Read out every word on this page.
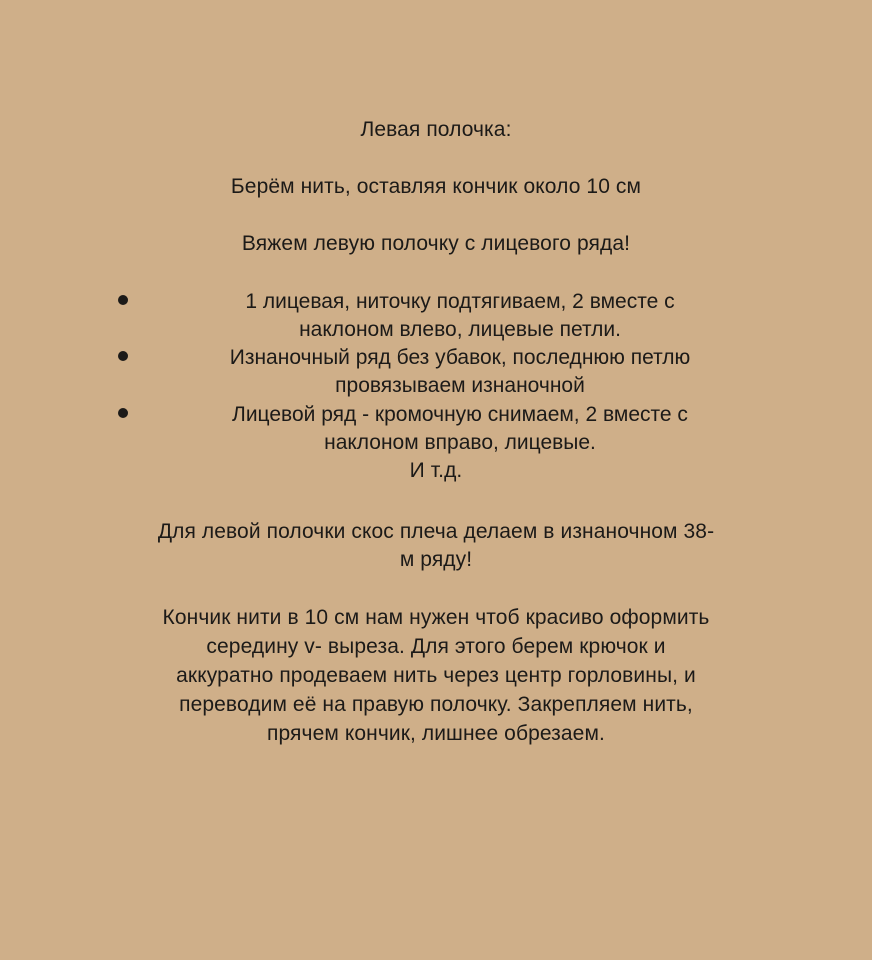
Левая полочка:
Берём нить, оставляя кончик около 10 см
Вяжем левую полочку с лицевого ряда!
1 лицевая, ниточку подтягиваем, 2 вместе с
наклоном влево, лицевые петли.
Изнаночный ряд без убавок, последнюю петлю
провязываем изнаночной
Лицевой ряд - кромочную снимаем, 2 вместе с
наклоном вправо, лицевые.
И т.д.
Для левой полочки скос плеча делаем в изнаночном 38-
м ряду!
Кончик нити в 10 см нам нужен чтоб красиво оформить
середину v- выреза. Для этого берем крючок и
аккуратно продеваем нить через центр горловины, и
переводим её на правую полочку. Закрепляем нить,
прячем кончик, лишнее обрезаем.
